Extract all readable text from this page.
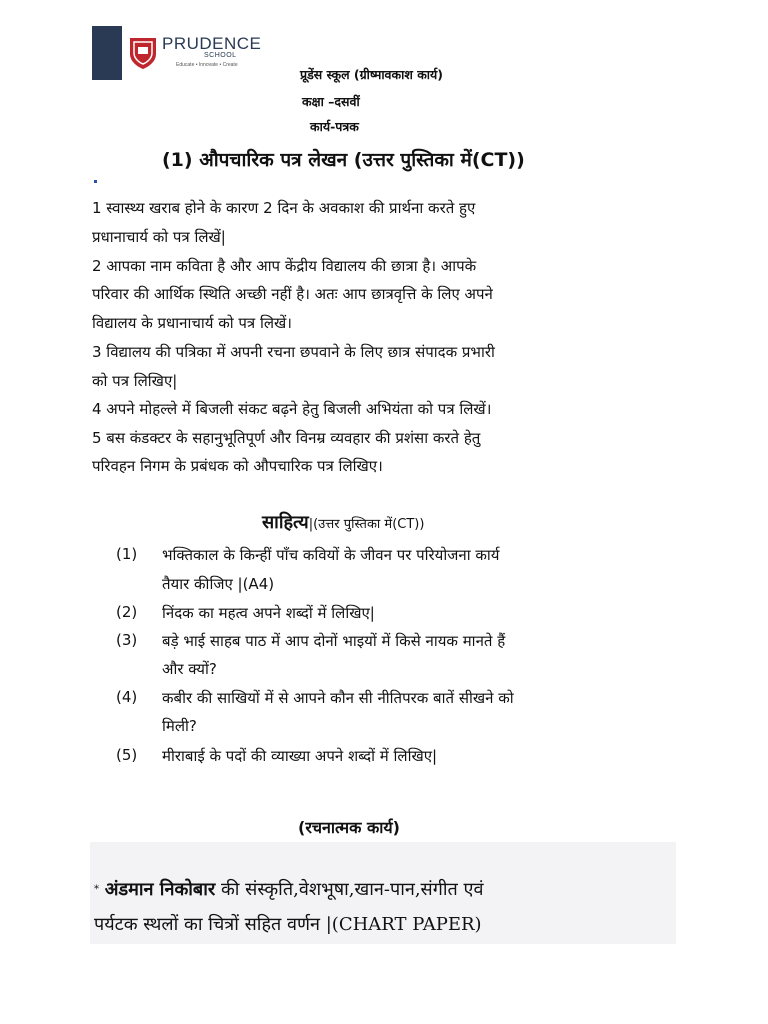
PRUDENCE
SCHOOL
Educate • Innovate • Create
प्रूडेंस स्कूल (ग्रीष्मावकाश कार्य)
कक्षा –दसवीं
कार्य-पत्रक
(1) औपचारिक पत्र लेखन (उत्तर पुस्तिका में(CT))
1 स्वास्थ्य खराब होने के कारण 2 दिन के अवकाश की प्रार्थना करते हुए
प्रधानाचार्य को पत्र लिखें|
2 आपका नाम कविता है और आप केंद्रीय विद्यालय की छात्रा है। आपके
परिवार की आर्थिक स्थिति अच्छी नहीं है। अतः आप छात्रवृत्ति के लिए अपने
विद्यालय के प्रधानाचार्य को पत्र लिखें।
3 विद्यालय की पत्रिका में अपनी रचना छपवाने के लिए छात्र संपादक प्रभारी
को पत्र लिखिए|
4 अपने मोहल्ले में बिजली संकट बढ़ने हेतु बिजली अभियंता को पत्र लिखें।
5 बस कंडक्टर के सहानुभूतिपूर्ण और विनम्र व्यवहार की प्रशंसा करते हेतु
परिवहन निगम के प्रबंधक को औपचारिक पत्र लिखिए।
साहित्य|(उत्तर पुस्तिका में(CT))
(1) भक्तिकाल के किन्हीं पाँच कवियों के जीवन पर परियोजना कार्य
तैयार कीजिए |(A4)
(2) निंदक का महत्व अपने शब्दों में लिखिए|
(3) बड़े भाई साहब पाठ में आप दोनों भाइयों में किसे नायक मानते हैं
और क्यों?
(4) कबीर की साखियों में से आपने कौन सी नीतिपरक बातें सीखने को
मिली?
(5) मीराबाई के पदों की व्याख्या अपने शब्दों में लिखिए|
(रचनात्मक कार्य)
* अंडमान निकोबार की संस्कृति,वेशभूषा,खान-पान,संगीत एवं
पर्यटक स्थलों का चित्रों सहित वर्णन |(CHART PAPER)
